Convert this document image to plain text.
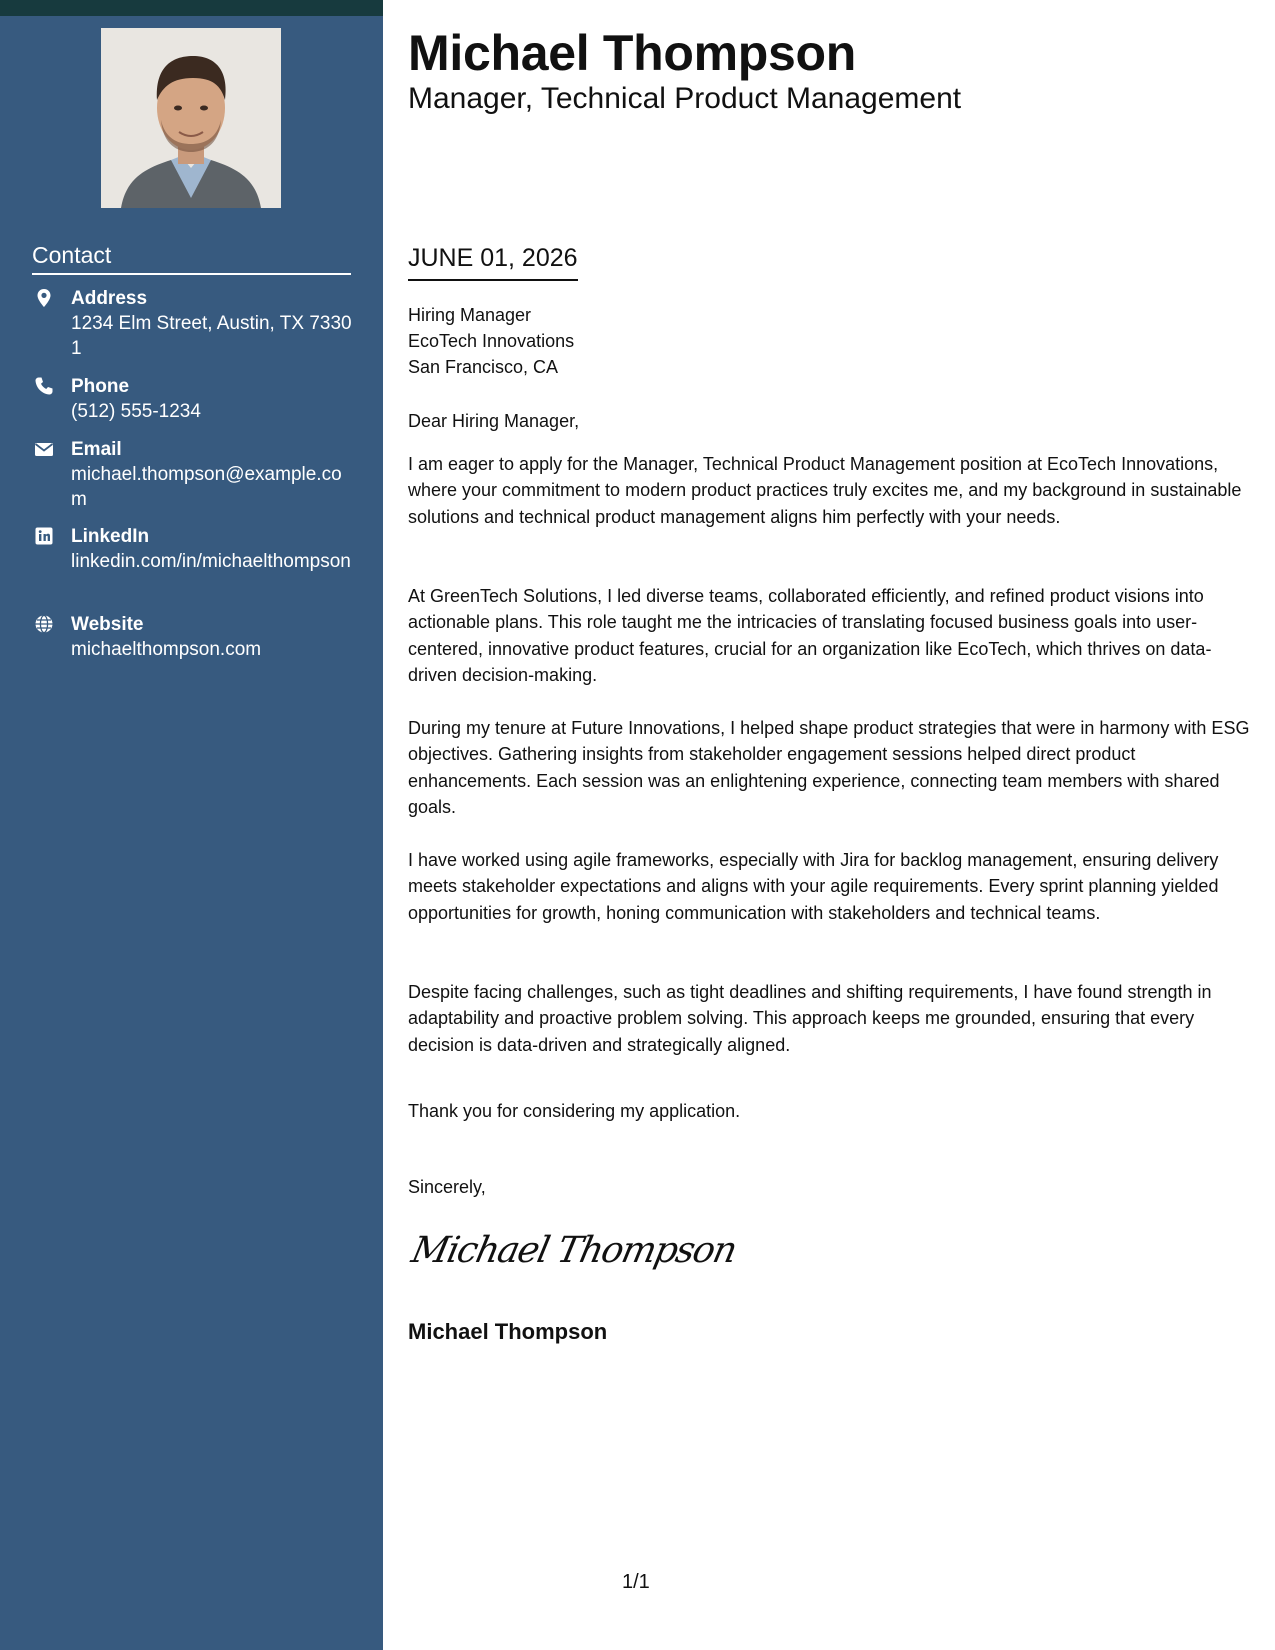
Contact
Address
1234 Elm Street, Austin, TX 73301
Phone
(512) 555-1234
Email
michael.thompson@example.com
LinkedIn
linkedin.com/in/michaelthompson
Website
michaelthompson.com
Michael Thompson
Manager, Technical Product Management
JUNE 01, 2026
Hiring Manager
EcoTech Innovations
San Francisco, CA
Dear Hiring Manager,

I am eager to apply for the Manager, Technical Product Management position at EcoTech Innovations, where your commitment to modern product practices truly excites me, and my background in sustainable solutions and technical product management aligns him perfectly with your needs.

At GreenTech Solutions, I led diverse teams, collaborated efficiently, and refined product visions into actionable plans. This role taught me the intricacies of translating focused business goals into user-centered, innovative product features, crucial for an organization like EcoTech, which thrives on data-driven decision-making.

During my tenure at Future Innovations, I helped shape product strategies that were in harmony with ESG objectives. Gathering insights from stakeholder engagement sessions helped direct product enhancements. Each session was an enlightening experience, connecting team members with shared goals.

I have worked using agile frameworks, especially with Jira for backlog management, ensuring delivery meets stakeholder expectations and aligns with your agile requirements. Every sprint planning yielded opportunities for growth, honing communication with stakeholders and technical teams.

Despite facing challenges, such as tight deadlines and shifting requirements, I have found strength in adaptability and proactive problem solving. This approach keeps me grounded, ensuring that every decision is data-driven and strategically aligned.

Thank you for considering my application.

Sincerely,
Michael Thompson
Michael Thompson
1/1
